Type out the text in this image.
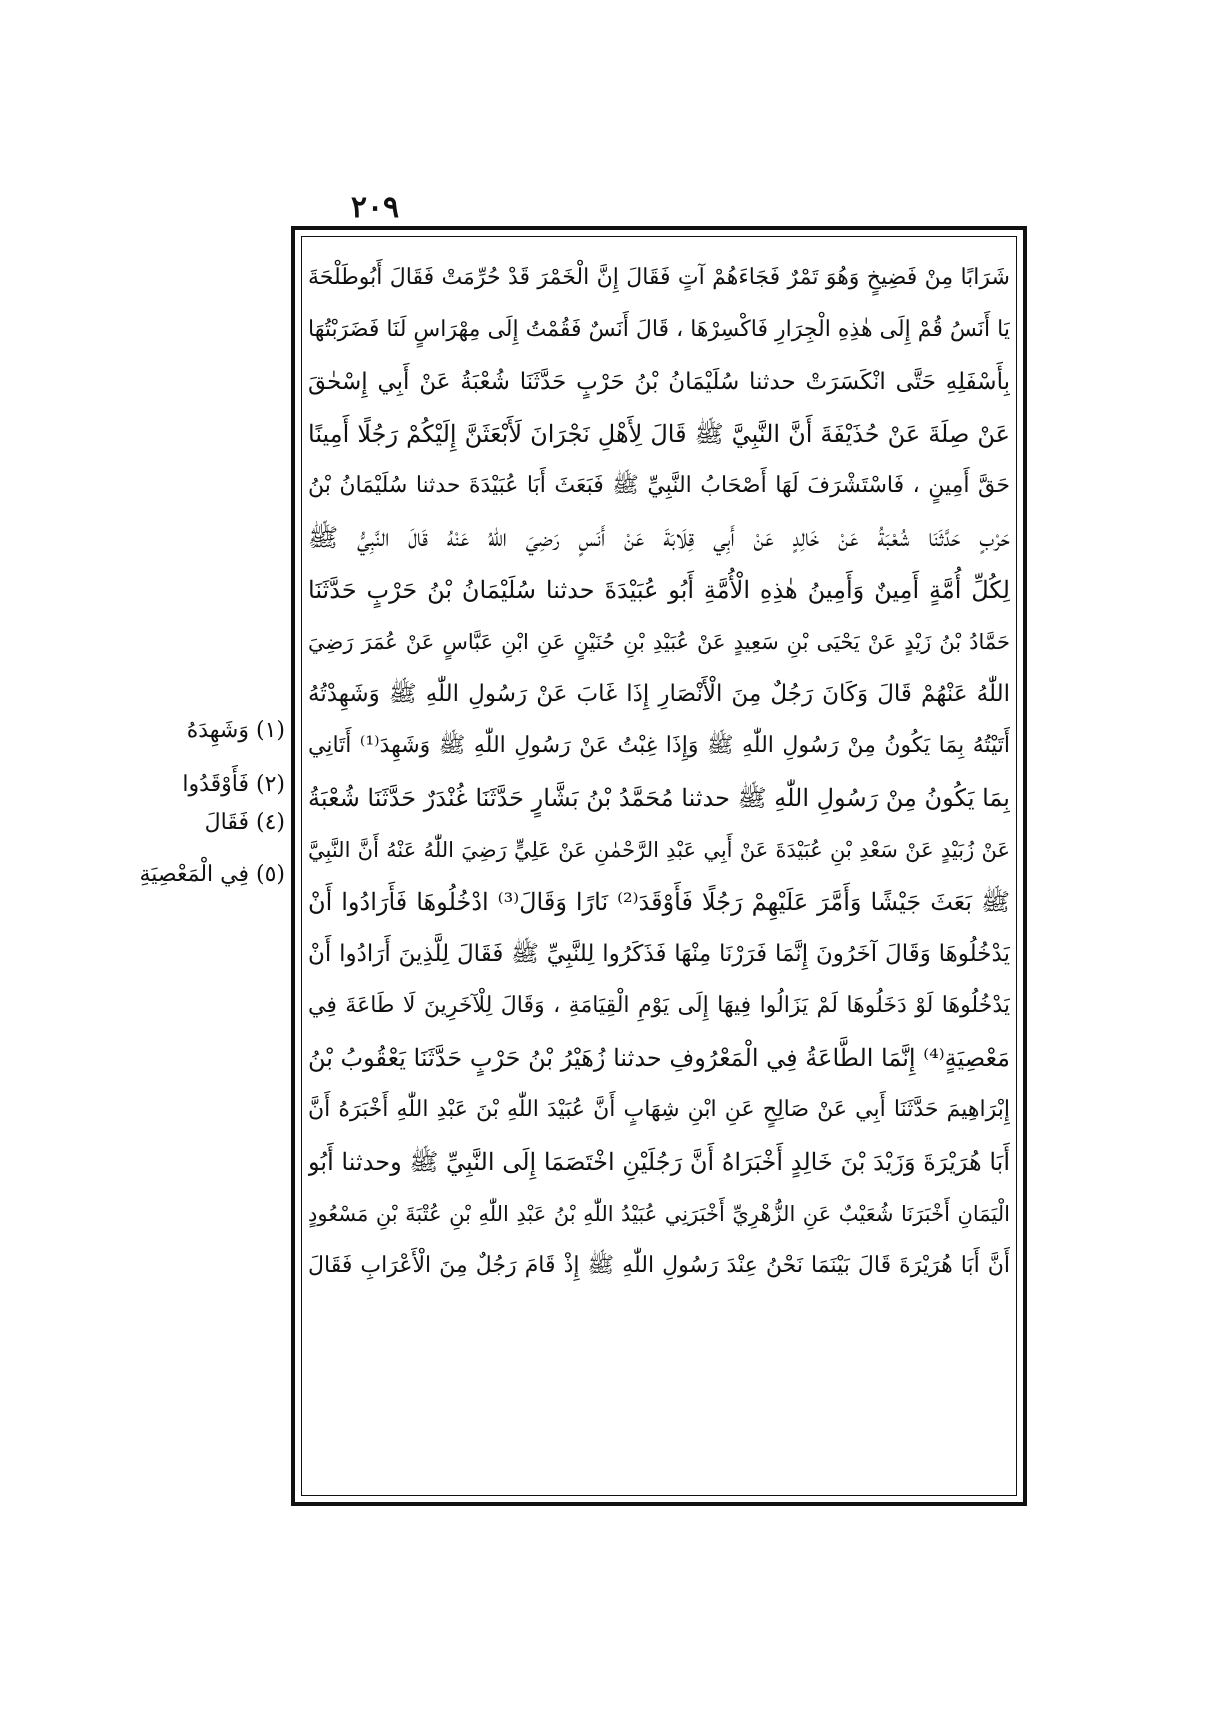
٢٠٩
شَرَابًا مِنْ فَضِيخٍ وَهُوَ تَمْرٌ فَجَاءَهُمْ آتٍ فَقَالَ إِنَّ الْخَمْرَ قَدْ حُرِّمَتْ فَقَالَ أَبُوطَلْحَةَ
يَا أَنَسُ قُمْ إِلَى هٰذِهِ الْجِرَارِ فَاكْسِرْهَا ، قَالَ أَنَسٌ فَقُمْتُ إِلَى مِهْرَاسٍ لَنَا فَضَرَبْتُهَا
بِأَسْفَلِهِ حَتَّى انْكَسَرَتْ حدثنا سُلَيْمَانُ بْنُ حَرْبٍ حَدَّثَنَا شُعْبَةُ عَنْ أَبِي إِسْحٰقَ
عَنْ صِلَةَ عَنْ حُذَيْفَةَ أَنَّ النَّبِيَّ ﷺ قَالَ لِأَهْلِ نَجْرَانَ لَأَبْعَثَنَّ إِلَيْكُمْ رَجُلًا أَمِينًا
حَقَّ أَمِينٍ ، فَاسْتَشْرَفَ لَهَا أَصْحَابُ النَّبِيِّ ﷺ فَبَعَثَ أَبَا عُبَيْدَةَ حدثنا سُلَيْمَانُ بْنُ
حَرْبٍ حَدَّثَنَا شُعْبَةُ عَنْ خَالِدٍ عَنْ أَبِي قِلَابَةَ عَنْ أَنَسٍ رَضِيَ اللّٰهُ عَنْهُ قَالَ النَّبِيُّ ﷺ
لِكُلِّ أُمَّةٍ أَمِينٌ وَأَمِينُ هٰذِهِ الْأُمَّةِ أَبُو عُبَيْدَةَ حدثنا سُلَيْمَانُ بْنُ حَرْبٍ حَدَّثَنَا
حَمَّادُ بْنُ زَيْدٍ عَنْ يَحْيَى بْنِ سَعِيدٍ عَنْ عُبَيْدِ بْنِ حُنَيْنٍ عَنِ ابْنِ عَبَّاسٍ عَنْ عُمَرَ رَضِيَ
اللّٰهُ عَنْهُمْ قَالَ وَكَانَ رَجُلٌ مِنَ الْأَنْصَارِ إِذَا غَابَ عَنْ رَسُولِ اللّٰهِ ﷺ وَشَهِدْتُهُ
أَتَيْتُهُ بِمَا يَكُونُ مِنْ رَسُولِ اللّٰهِ ﷺ وَإِذَا غِبْتُ عَنْ رَسُولِ اللّٰهِ ﷺ وَشَهِدَ⁽¹⁾ أَتَانِي
بِمَا يَكُونُ مِنْ رَسُولِ اللّٰهِ ﷺ حدثنا مُحَمَّدُ بْنُ بَشَّارٍ حَدَّثَنَا غُنْدَرٌ حَدَّثَنَا شُعْبَةُ
عَنْ زُبَيْدٍ عَنْ سَعْدِ بْنِ عُبَيْدَةَ عَنْ أَبِي عَبْدِ الرَّحْمٰنِ عَنْ عَلِيٍّ رَضِيَ اللّٰهُ عَنْهُ أَنَّ النَّبِيَّ
ﷺ بَعَثَ جَيْشًا وَأَمَّرَ عَلَيْهِمْ رَجُلًا فَأَوْقَدَ⁽²⁾ نَارًا وَقَالَ⁽³⁾ ادْخُلُوهَا فَأَرَادُوا أَنْ
يَدْخُلُوهَا وَقَالَ آخَرُونَ إِنَّمَا فَرَرْنَا مِنْهَا فَذَكَرُوا لِلنَّبِيِّ ﷺ فَقَالَ لِلَّذِينَ أَرَادُوا أَنْ
يَدْخُلُوهَا لَوْ دَخَلُوهَا لَمْ يَزَالُوا فِيهَا إِلَى يَوْمِ الْقِيَامَةِ ، وَقَالَ لِلْآخَرِينَ لَا طَاعَةَ فِي
مَعْصِيَةٍ⁽⁴⁾ إِنَّمَا الطَّاعَةُ فِي الْمَعْرُوفِ حدثنا زُهَيْرُ بْنُ حَرْبٍ حَدَّثَنَا يَعْقُوبُ بْنُ
إِبْرَاهِيمَ حَدَّثَنَا أَبِي عَنْ صَالِحٍ عَنِ ابْنِ شِهَابٍ أَنَّ عُبَيْدَ اللّٰهِ بْنَ عَبْدِ اللّٰهِ أَخْبَرَهُ أَنَّ
أَبَا هُرَيْرَةَ وَزَيْدَ بْنَ خَالِدٍ أَخْبَرَاهُ أَنَّ رَجُلَيْنِ اخْتَصَمَا إِلَى النَّبِيِّ ﷺ وحدثنا أَبُو
الْيَمَانِ أَخْبَرَنَا شُعَيْبٌ عَنِ الزُّهْرِيِّ أَخْبَرَنِي عُبَيْدُ اللّٰهِ بْنُ عَبْدِ اللّٰهِ بْنِ عُتْبَةَ بْنِ مَسْعُودٍ
أَنَّ أَبَا هُرَيْرَةَ قَالَ بَيْنَمَا نَحْنُ عِنْدَ رَسُولِ اللّٰهِ ﷺ إِذْ قَامَ رَجُلٌ مِنَ الْأَعْرَابِ فَقَالَ
(١) وَشَهِدَهُ
(٢) فَأَوْقَدُوا
(٤) فَقَالَ
(٥) فِي الْمَعْصِيَةِ
